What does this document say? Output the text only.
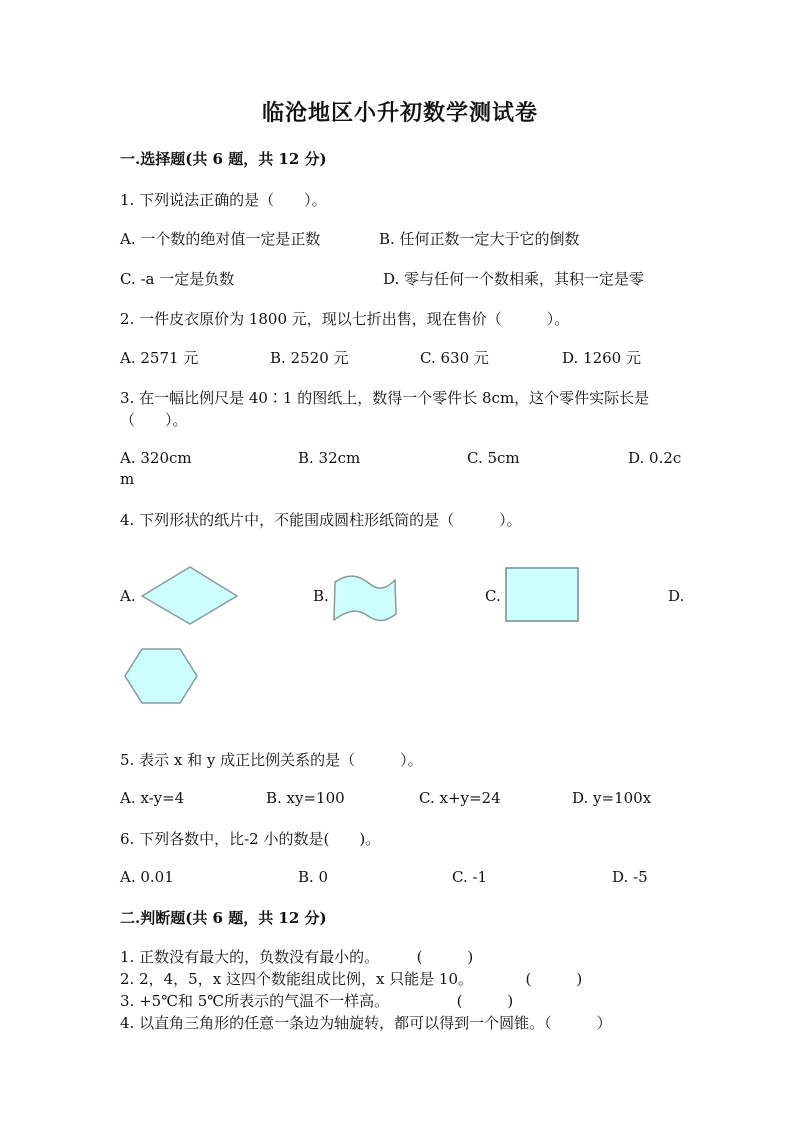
临沧地区小升初数学测试卷
一.选择题(共 6 题，共 12 分)
1. 下列说法正确的是（　　）。
A. 一个数的绝对值一定是正数	B. 任何正数一定大于它的倒数
C. -a 一定是负数	D. 零与任何一个数相乘，其积一定是零
2. 一件皮衣原价为 1800 元，现以七折出售，现在售价（　　　）。
A. 2571 元	B. 2520 元	C. 630 元	D. 1260 元
3. 在一幅比例尺是 40∶1 的图纸上，数得一个零件长 8cm，这个零件实际长是
（　　）。
A. 320cm	B. 32cm	C. 5cm	D. 0.2c
m
4. 下列形状的纸片中，不能围成圆柱形纸筒的是（　　　）。
A.	B.	C.	D.
5. 表示 x 和 y 成正比例关系的是（　　　）。
A. x-y=4	B. xy=100	C. x+y=24	D. y=100x
6. 下列各数中，比-2 小的数是(　　)。
A. 0.01	B. 0	C. -1	D. -5
二.判断题(共 6 题，共 12 分)
1. 正数没有最大的，负数没有最小的。　　　(　　　)
2. 2，4，5，x 这四个数能组成比例，x 只能是 10。　　　　(　　　)
3. +5℃和 5℃所表示的气温不一样高。　　　　　(　　　)
4. 以直角三角形的任意一条边为轴旋转，都可以得到一个圆锥。（　　　）
